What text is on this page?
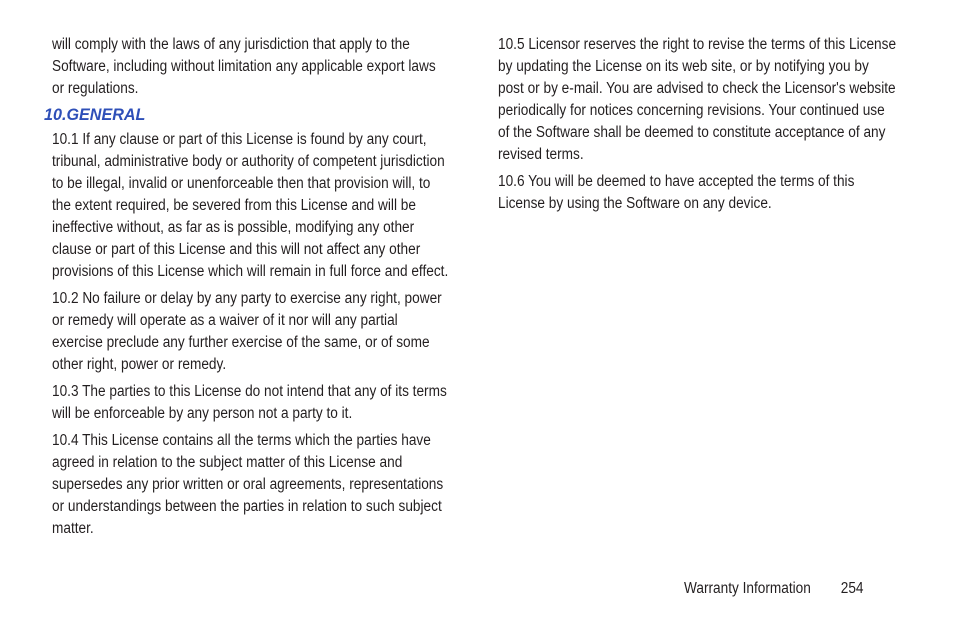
will comply with the laws of any jurisdiction that apply to the Software, including without limitation any applicable export laws or regulations.

10.GENERAL

10.1 If any clause or part of this License is found by any court, tribunal, administrative body or authority of competent jurisdiction to be illegal, invalid or unenforceable then that provision will, to the extent required, be severed from this License and will be ineffective without, as far as is possible, modifying any other clause or part of this License and this will not affect any other provisions of this License which will remain in full force and effect.

10.2 No failure or delay by any party to exercise any right, power or remedy will operate as a waiver of it nor will any partial exercise preclude any further exercise of the same, or of some other right, power or remedy.

10.3 The parties to this License do not intend that any of its terms will be enforceable by any person not a party to it.

10.4 This License contains all the terms which the parties have agreed in relation to the subject matter of this License and supersedes any prior written or oral agreements, representations or understandings between the parties in relation to such subject matter.

10.5 Licensor reserves the right to revise the terms of this License by updating the License on its web site, or by notifying you by post or by e-mail. You are advised to check the Licensor's website periodically for notices concerning revisions. Your continued use of the Software shall be deemed to constitute acceptance of any revised terms.

10.6 You will be deemed to have accepted the terms of this License by using the Software on any device.

Warranty Information 254
